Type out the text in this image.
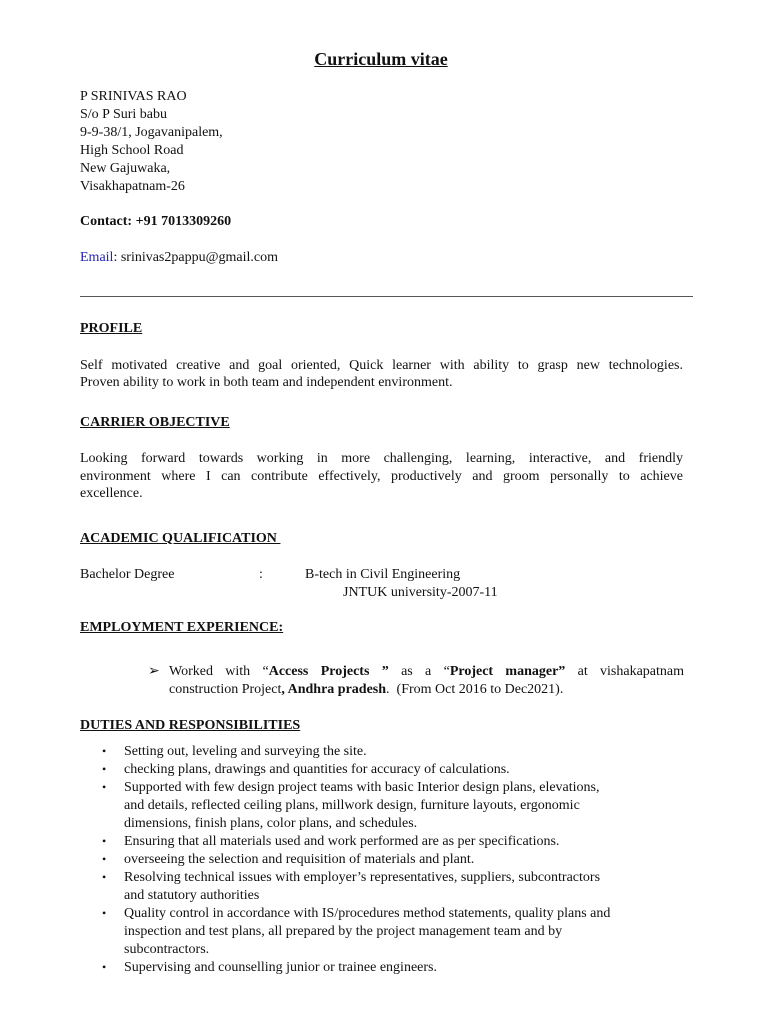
Curriculum vitae
P SRINIVAS RAO
S/o P Suri babu
9-9-38/1, Jogavanipalem,
High School Road
New Gajuwaka,
Visakhapatnam-26
Contact: +91 7013309260
Email: srinivas2pappu@gmail.com
PROFILE
Self motivated creative and goal oriented, Quick learner with ability to grasp new technologies.
Proven ability to work in both team and independent environment.
CARRIER OBJECTIVE
Looking forward towards working in more challenging, learning, interactive, and friendly
environment where I can contribute effectively, productively and groom personally to achieve
excellence.
ACADEMIC QUALIFICATION
Bachelor Degree	:	B-tech in Civil Engineering
JNTUK university-2007-11
EMPLOYMENT EXPERIENCE:
➢ Worked with “Access Projects ” as a “Project manager” at vishakapatnam
construction Project, Andhra pradesh.  (From Oct 2016 to Dec2021).
DUTIES AND RESPONSIBILITIES
• Setting out, leveling and surveying the site.
• checking plans, drawings and quantities for accuracy of calculations.
• Supported with few design project teams with basic Interior design plans, elevations,
and details, reflected ceiling plans, millwork design, furniture layouts, ergonomic
dimensions, finish plans, color plans, and schedules.
• Ensuring that all materials used and work performed are as per specifications.
• overseeing the selection and requisition of materials and plant.
• Resolving technical issues with employer’s representatives, suppliers, subcontractors
and statutory authorities
• Quality control in accordance with IS/procedures method statements, quality plans and
inspection and test plans, all prepared by the project management team and by
subcontractors.
• Supervising and counselling junior or trainee engineers.
